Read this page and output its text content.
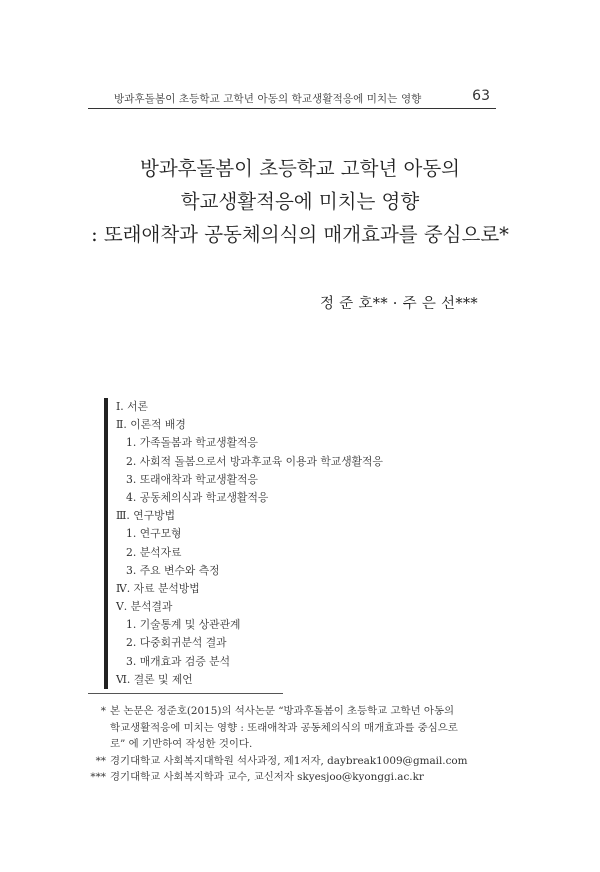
방과후돌봄이 초등학교 고학년 아동의 학교생활적응에 미치는 영향	63
방과후돌봄이 초등학교 고학년 아동의
학교생활적응에 미치는 영향
: 또래애착과 공동체의식의 매개효과를 중심으로*
정 준 호** · 주 은 선***
Ⅰ. 서론
Ⅱ. 이론적 배경
1. 가족돌봄과 학교생활적응
2. 사회적 돌봄으로서 방과후교육 이용과 학교생활적응
3. 또래애착과 학교생활적응
4. 공동체의식과 학교생활적응
Ⅲ. 연구방법
1. 연구모형
2. 분석자료
3. 주요 변수와 측정
Ⅳ. 자료 분석방법
Ⅴ. 분석결과
1. 기술통계 및 상관관계
2. 다중회귀분석 결과
3. 매개효과 검증 분석
Ⅵ. 결론 및 제언
* 본 논문은 정준호(2015)의 석사논문 “방과후돌봄이 초등학교 고학년 아동의
학교생활적응에 미치는 영향 : 또래애착과 공동체의식의 매개효과를 중심으로
로” 에 기반하여 작성한 것이다.
** 경기대학교 사회복지대학원 석사과정, 제1저자, daybreak1009@gmail.com
*** 경기대학교 사회복지학과 교수, 교신저자 skyesjoo@kyonggi.ac.kr
